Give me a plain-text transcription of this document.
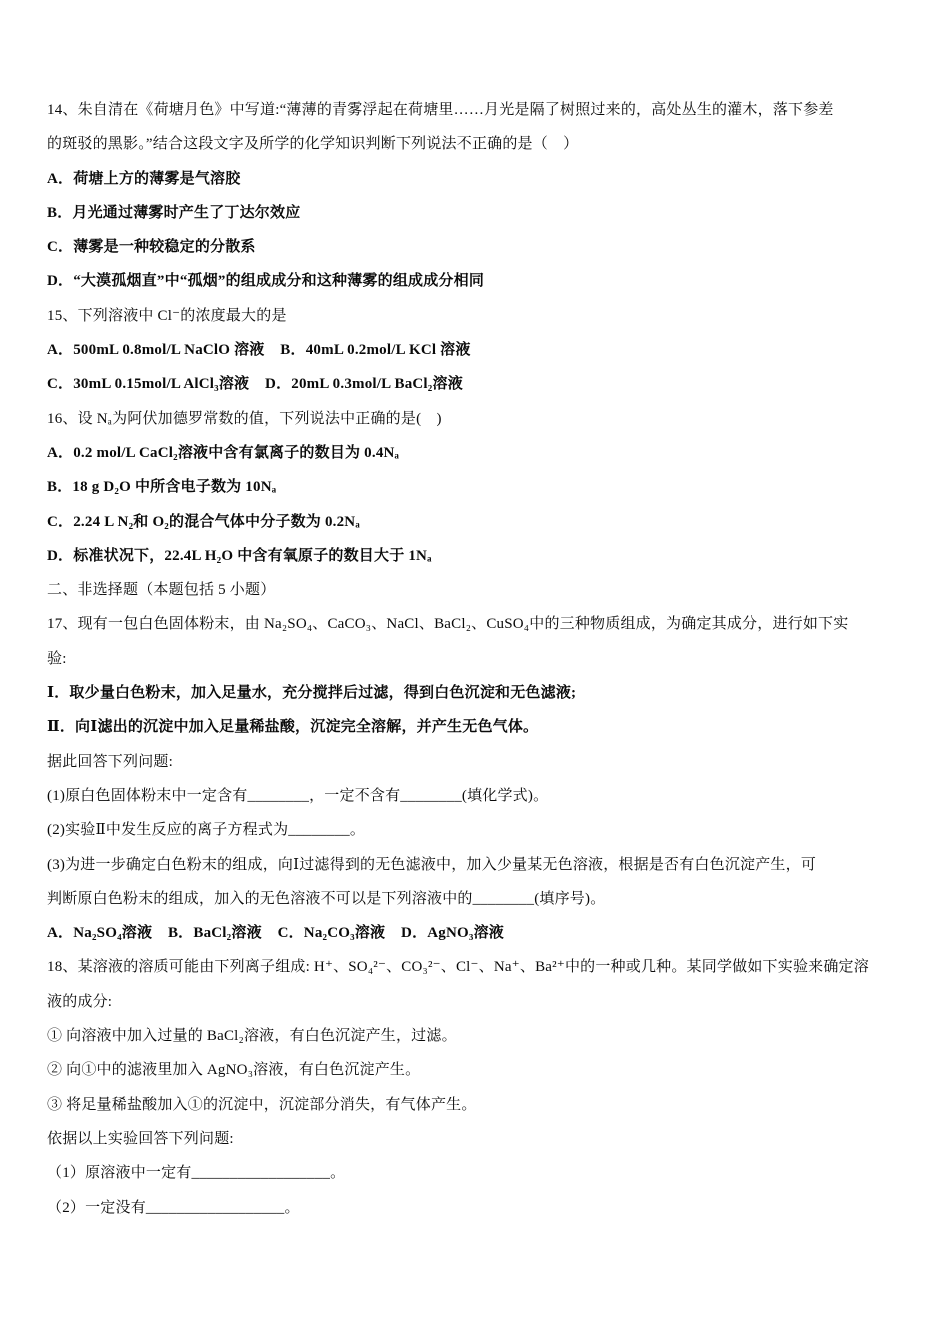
14、朱自清在《荷塘月色》中写道:“薄薄的青雾浮起在荷塘里……月光是隔了树照过来的，高处丛生的灌木，落下参差

的斑驳的黑影。”结合这段文字及所学的化学知识判断下列说法不正确的是（　）

A．荷塘上方的薄雾是气溶胶

B．月光通过薄雾时产生了丁达尔效应

C．薄雾是一种较稳定的分散系

D．“大漠孤烟直”中“孤烟”的组成成分和这种薄雾的组成成分相同

15、下列溶液中 Cl⁻的浓度最大的是

A．500mL 0.8mol/L NaClO 溶液    B．40mL 0.2mol/L KCl 溶液

C．30mL 0.15mol/L AlCl₃溶液    D．20mL 0.3mol/L BaCl₂溶液

16、设 Nₐ为阿伏加德罗常数的值，下列说法中正确的是(　)

A．0.2 mol/L CaCl₂溶液中含有氯离子的数目为 0.4Nₐ

B．18 g D₂O 中所含电子数为 10Nₐ

C．2.24 L N₂和 O₂的混合气体中分子数为 0.2Nₐ

D．标准状况下，22.4L H₂O 中含有氧原子的数目大于 1Nₐ

二、非选择题（本题包括 5 小题）

17、现有一包白色固体粉末，由 Na₂SO₄、CaCO₃、NaCl、BaCl₂、CuSO₄中的三种物质组成，为确定其成分，进行如下实

验:

Ⅰ．取少量白色粉末，加入足量水，充分搅拌后过滤，得到白色沉淀和无色滤液;

Ⅱ．向Ⅰ滤出的沉淀中加入足量稀盐酸，沉淀完全溶解，并产生无色气体。

据此回答下列问题:

(1)原白色固体粉末中一定含有________，一定不含有________(填化学式)。

(2)实验Ⅱ中发生反应的离子方程式为________。

(3)为进一步确定白色粉末的组成，向Ⅰ过滤得到的无色滤液中，加入少量某无色溶液，根据是否有白色沉淀产生，可

判断原白色粉末的组成，加入的无色溶液不可以是下列溶液中的________(填序号)。

A．Na₂SO₄溶液    B．BaCl₂溶液    C．Na₂CO₃溶液    D．AgNO₃溶液

18、某溶液的溶质可能由下列离子组成: H⁺、SO₄²⁻、CO₃²⁻、Cl⁻、Na⁺、Ba²⁺中的一种或几种。某同学做如下实验来确定溶

液的成分:

① 向溶液中加入过量的 BaCl₂溶液，有白色沉淀产生，过滤。

② 向①中的滤液里加入 AgNO₃溶液，有白色沉淀产生。

③ 将足量稀盐酸加入①的沉淀中，沉淀部分消失，有气体产生。

依据以上实验回答下列问题:

（1）原溶液中一定有__________________。

（2）一定没有__________________。
